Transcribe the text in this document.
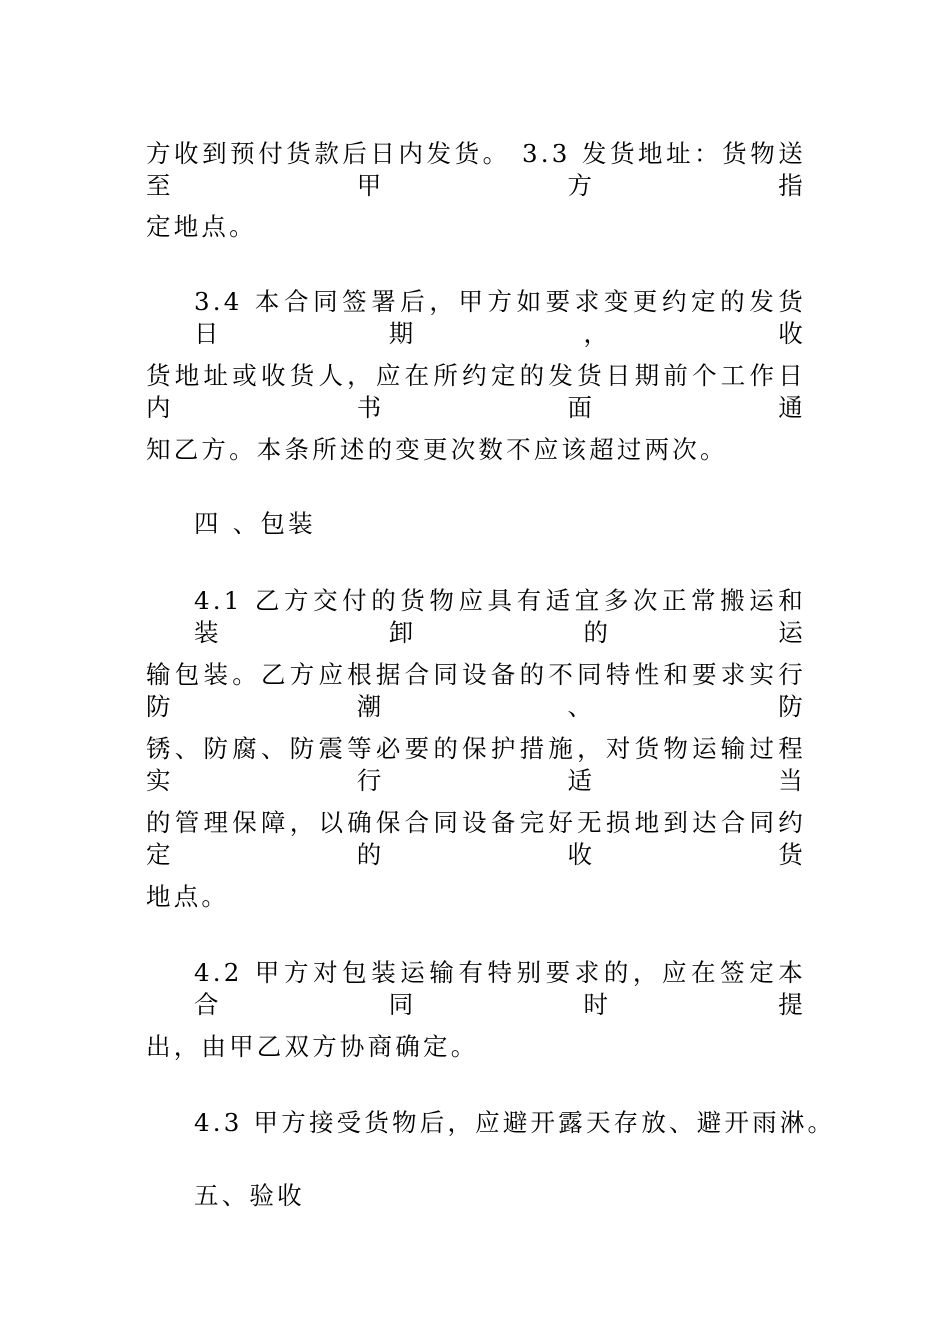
方收到预付货款后日内发货。 3.3 发货地址：货物送至甲方指
定地点。
3.4 本合同签署后，甲方如要求变更约定的发货日期，收
货地址或收货人，应在所约定的发货日期前个工作日内书面通
知乙方。本条所述的变更次数不应该超过两次。
四 、包装
4.1 乙方交付的货物应具有适宜多次正常搬运和装卸的运
输包装。乙方应根据合同设备的不同特性和要求实行防潮、防
锈、防腐、防震等必要的保护措施，对货物运输过程实行适当
的管理保障，以确保合同设备完好无损地到达合同约定的收货
地点。
4.2 甲方对包装运输有特别要求的，应在签定本合同时提
出，由甲乙双方协商确定。
4.3 甲方接受货物后，应避开露天存放、避开雨淋。
五、验收
